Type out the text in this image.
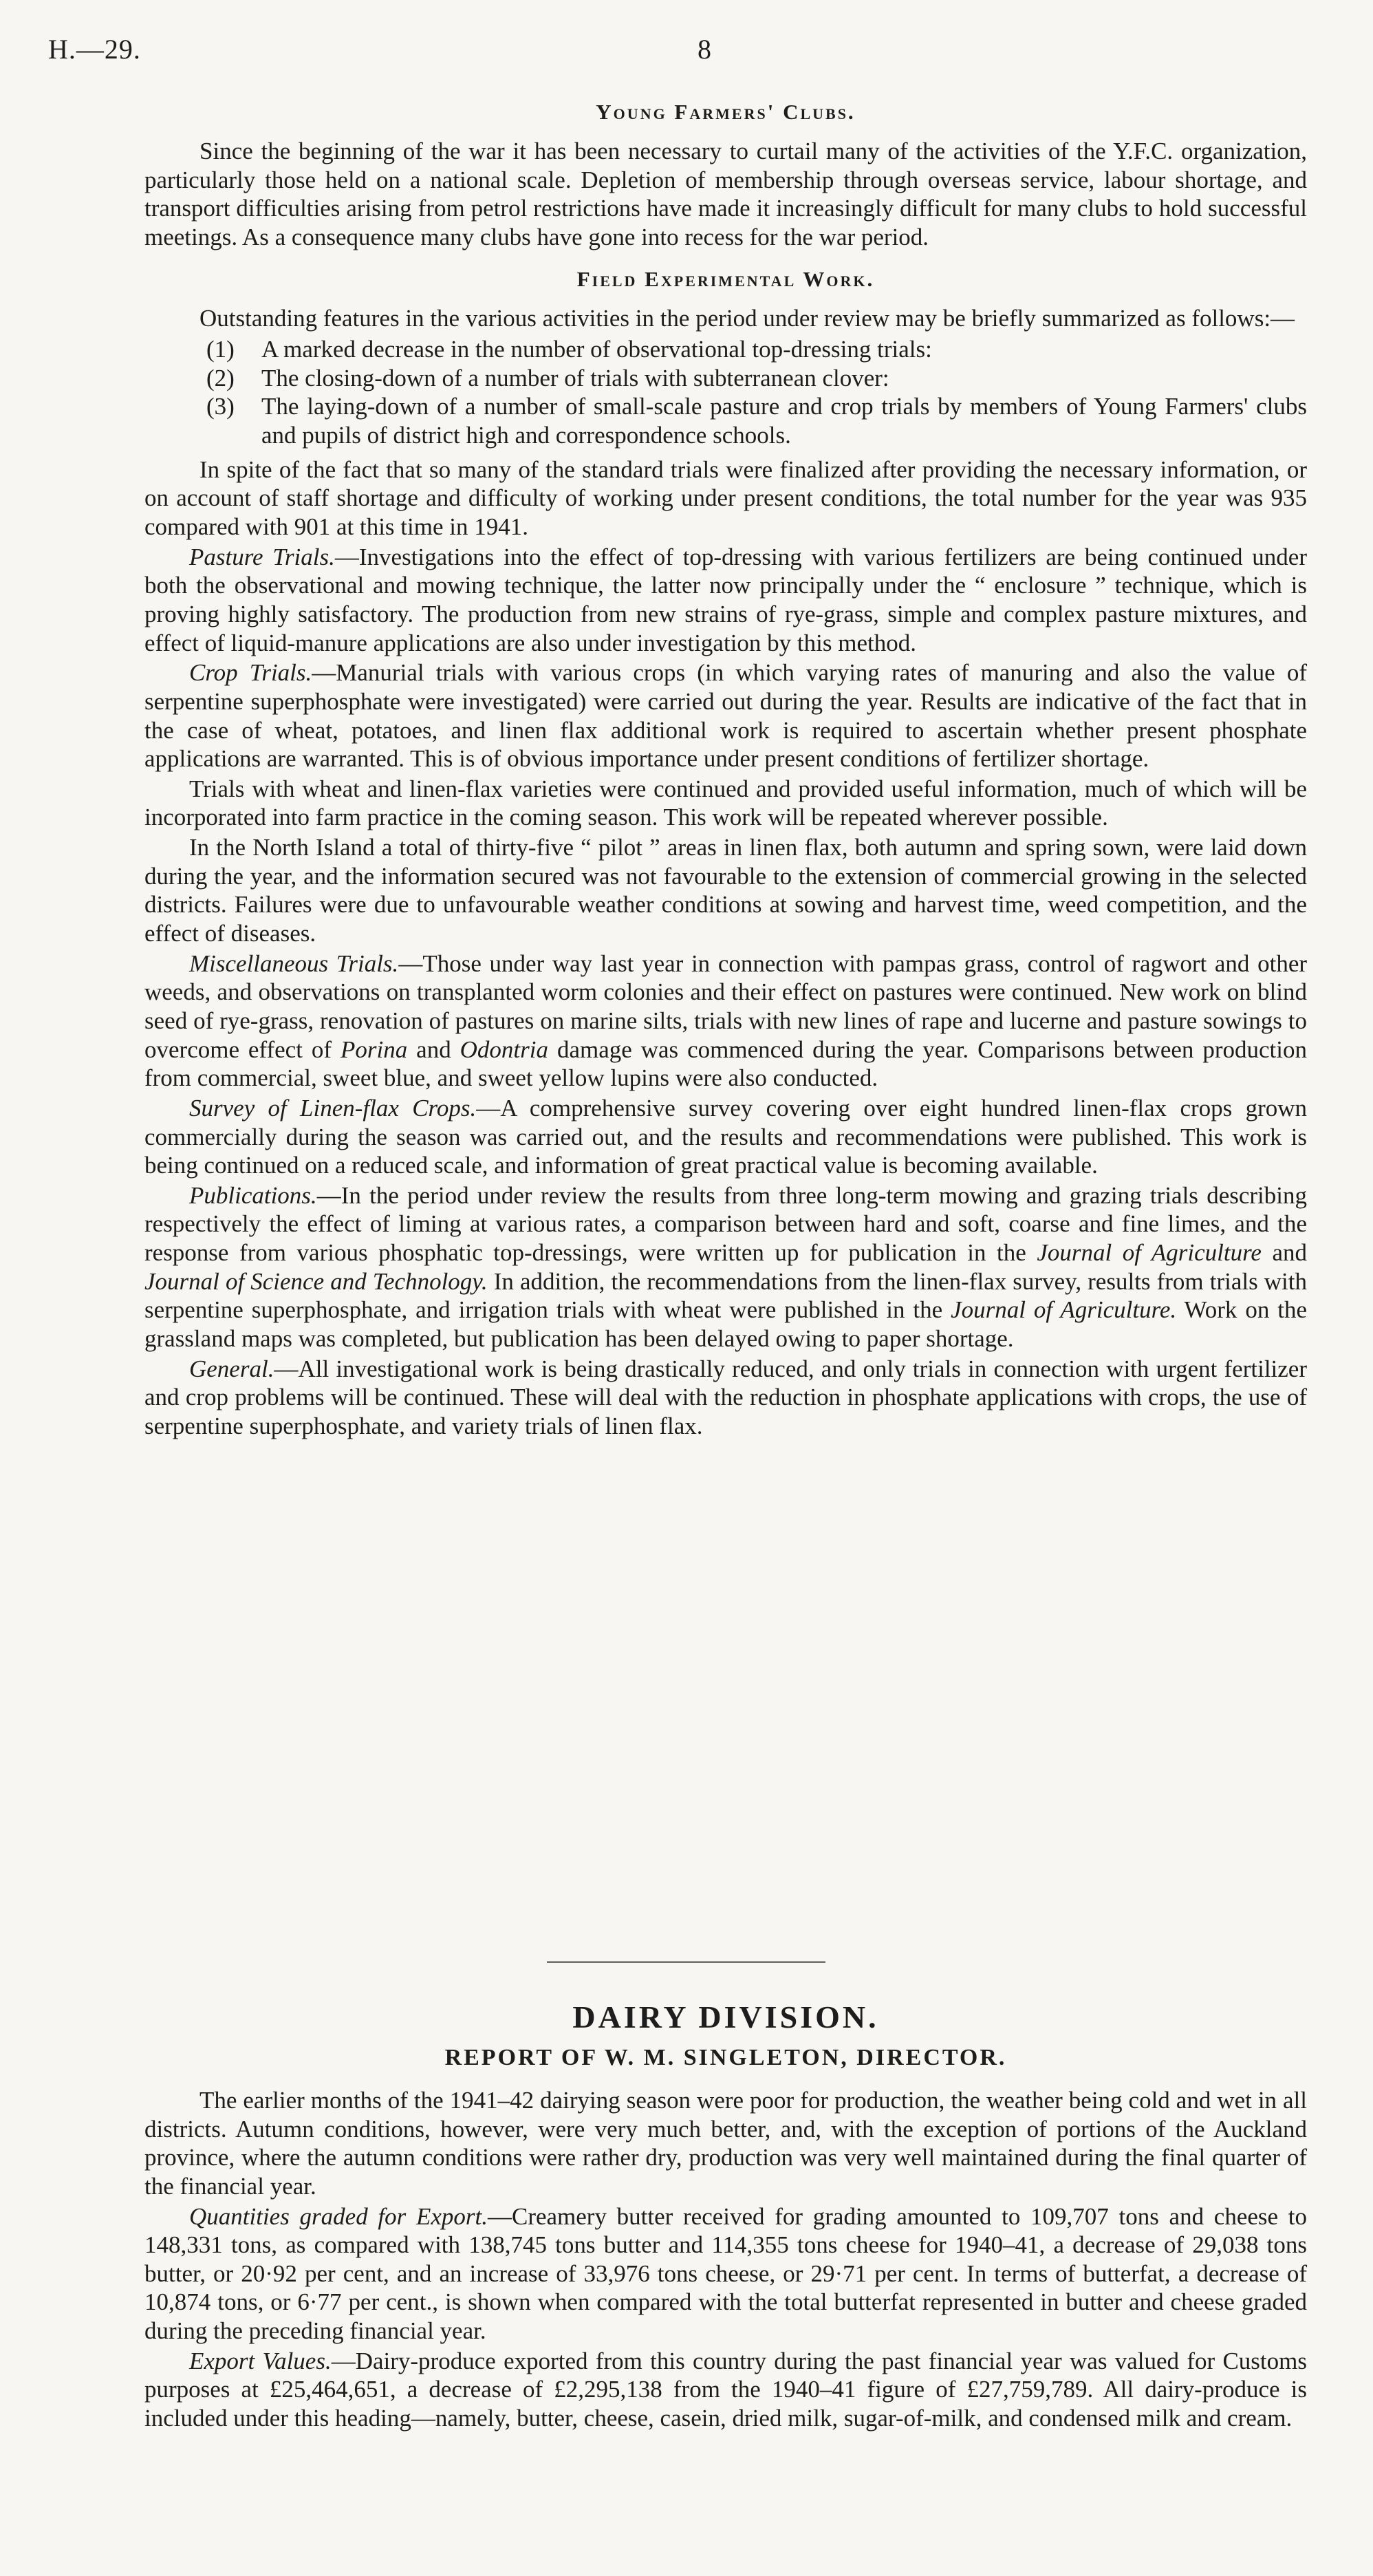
H.—29.	8
Young Farmers' Clubs.

Since the beginning of the war it has been necessary to curtail many of the activities of the Y.F.C. organization, particularly those held on a national scale. Depletion of membership through overseas service, labour shortage, and transport difficulties arising from petrol restrictions have made it increasingly difficult for many clubs to hold successful meetings. As a consequence many clubs have gone into recess for the war period.

Field Experimental Work.

Outstanding features in the various activities in the period under review may be briefly summarized as follows:—

(1)	A marked decrease in the number of observational top-dressing trials:
(2)	The closing-down of a number of trials with subterranean clover:
(3)	The laying-down of a number of small-scale pasture and crop trials by members of Young Farmers' clubs and pupils of district high and correspondence schools.

In spite of the fact that so many of the standard trials were finalized after providing the necessary information, or on account of staff shortage and difficulty of working under present conditions, the total number for the year was 935 compared with 901 at this time in 1941.

Pasture Trials.—Investigations into the effect of top-dressing with various fertilizers are being continued under both the observational and mowing technique, the latter now principally under the “ enclosure ” technique, which is proving highly satisfactory. The production from new strains of rye-grass, simple and complex pasture mixtures, and effect of liquid-manure applications are also under investigation by this method.

Crop Trials.—Manurial trials with various crops (in which varying rates of manuring and also the value of serpentine superphosphate were investigated) were carried out during the year. Results are indicative of the fact that in the case of wheat, potatoes, and linen flax additional work is required to ascertain whether present phosphate applications are warranted. This is of obvious importance under present conditions of fertilizer shortage.

Trials with wheat and linen-flax varieties were continued and provided useful information, much of which will be incorporated into farm practice in the coming season. This work will be repeated wherever possible.

In the North Island a total of thirty-five “ pilot ” areas in linen flax, both autumn and spring sown, were laid down during the year, and the information secured was not favourable to the extension of commercial growing in the selected districts. Failures were due to unfavourable weather conditions at sowing and harvest time, weed competition, and the effect of diseases.

Miscellaneous Trials.—Those under way last year in connection with pampas grass, control of ragwort and other weeds, and observations on transplanted worm colonies and their effect on pastures were continued. New work on blind seed of rye-grass, renovation of pastures on marine silts, trials with new lines of rape and lucerne and pasture sowings to overcome effect of Porina and Odontria damage was commenced during the year. Comparisons between production from commercial, sweet blue, and sweet yellow lupins were also conducted.

Survey of Linen-flax Crops.—A comprehensive survey covering over eight hundred linen-flax crops grown commercially during the season was carried out, and the results and recommendations were published. This work is being continued on a reduced scale, and information of great practical value is becoming available.

Publications.—In the period under review the results from three long-term mowing and grazing trials describing respectively the effect of liming at various rates, a comparison between hard and soft, coarse and fine limes, and the response from various phosphatic top-dressings, were written up for publication in the Journal of Agriculture and Journal of Science and Technology. In addition, the recommendations from the linen-flax survey, results from trials with serpentine superphosphate, and irrigation trials with wheat were published in the Journal of Agriculture. Work on the grassland maps was completed, but publication has been delayed owing to paper shortage.

General.—All investigational work is being drastically reduced, and only trials in connection with urgent fertilizer and crop problems will be continued. These will deal with the reduction in phosphate applications with crops, the use of serpentine superphosphate, and variety trials of linen flax.

DAIRY DIVISION.
REPORT OF W. M. SINGLETON, DIRECTOR.

The earlier months of the 1941–42 dairying season were poor for production, the weather being cold and wet in all districts. Autumn conditions, however, were very much better, and, with the exception of portions of the Auckland province, where the autumn conditions were rather dry, production was very well maintained during the final quarter of the financial year.

Quantities graded for Export.—Creamery butter received for grading amounted to 109,707 tons and cheese to 148,331 tons, as compared with 138,745 tons butter and 114,355 tons cheese for 1940–41, a decrease of 29,038 tons butter, or 20·92 per cent, and an increase of 33,976 tons cheese, or 29·71 per cent. In terms of butterfat, a decrease of 10,874 tons, or 6·77 per cent., is shown when compared with the total butterfat represented in butter and cheese graded during the preceding financial year.

Export Values.—Dairy-produce exported from this country during the past financial year was valued for Customs purposes at £25,464,651, a decrease of £2,295,138 from the 1940–41 figure of £27,759,789. All dairy-produce is included under this heading—namely, butter, cheese, casein, dried milk, sugar-of-milk, and condensed milk and cream.
